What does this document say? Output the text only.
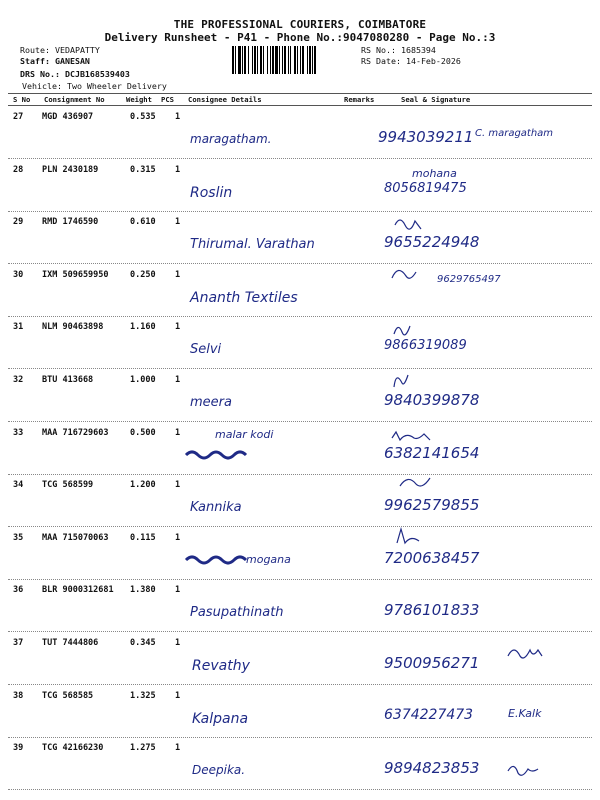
THE PROFESSIONAL COURIERS, COIMBATORE
Delivery Runsheet - P41 - Phone No.:9047080280 - Page No.:3
Route: VEDAPATTY
Staff: GANESAN
DRS No.: DCJB168539403
Vehicle: Two Wheeler Delivery
RS No.: 1685394
RS Date: 14-Feb-2026
S No Consignment No	Weight PCS Consignee Details	Remarks	Seal & Signature
27 MGD 436907	0.535 1
maragatham.	9943039211 C. maragatham
28 PLN 2430189	0.315 1
Roslin	8056819475
mohana
29 RMD 1746590	0.610 1
Thirumal. Varathan	9655224948
30 IXM 509659950	0.250 1
Ananth Textiles
9629765497
31 NLM 90463898	1.160 1
Selvi	9866319089
32 BTU 413668	1.000 1
meera	9840399878
33 MAA 716729603	0.500 1	malar kodi
6382141654
34 TCG 568599	1.200 1
Kannika	9962579855
35 MAA 715070063	0.115 1
mogana	7200638457
36 BLR 9000312681 1.380 1
Pasupathinath	9786101833
37 TUT 7444806	0.345 1
Revathy	9500956271
38 TCG 568585	1.325 1
Kalpana	6374227473	E.Kalk
39 TCG 42166230	1.275 1
Deepika.	9894823853
